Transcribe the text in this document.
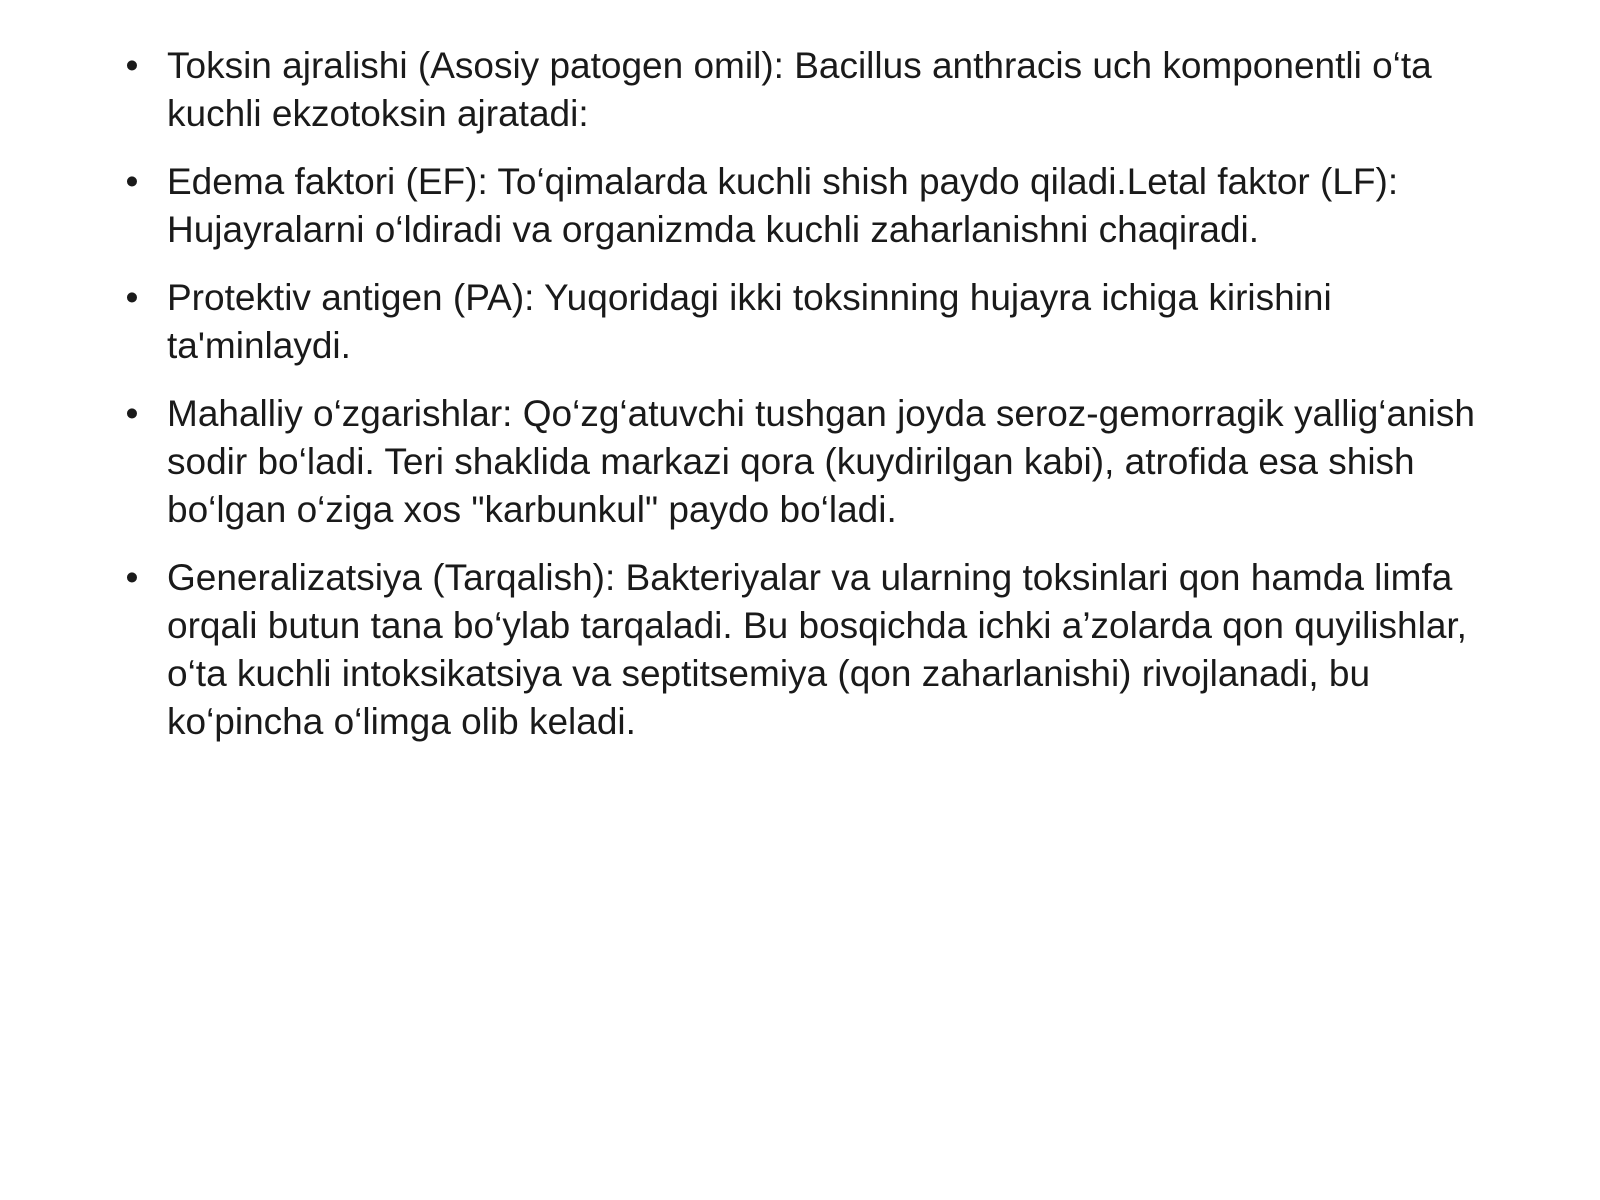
• Toksin ajralishi (Asosiy patogen omil): Bacillus anthracis uch komponentli o‘ta kuchli ekzotoksin ajratadi:
• Edema faktori (EF): To‘qimalarda kuchli shish paydo qiladi.Letal faktor (LF): Hujayralarni o‘ldiradi va organizmda kuchli zaharlanishni chaqiradi.
• Protektiv antigen (PA): Yuqoridagi ikki toksinning hujayra ichiga kirishini ta'minlaydi.
• Mahalliy o‘zgarishlar: Qo‘zg‘atuvchi tushgan joyda seroz-gemorragik yallig‘anish sodir bo‘ladi. Teri shaklida markazi qora (kuydirilgan kabi), atrofida esa shish bo‘lgan o‘ziga xos "karbunkul" paydo bo‘ladi.
• Generalizatsiya (Tarqalish): Bakteriyalar va ularning toksinlari qon hamda limfa orqali butun tana bo‘ylab tarqaladi. Bu bosqichda ichki a’zolarda qon quyilishlar, o‘ta kuchli intoksikatsiya va septitsemiya (qon zaharlanishi) rivojlanadi, bu ko‘pincha o‘limga olib keladi.
